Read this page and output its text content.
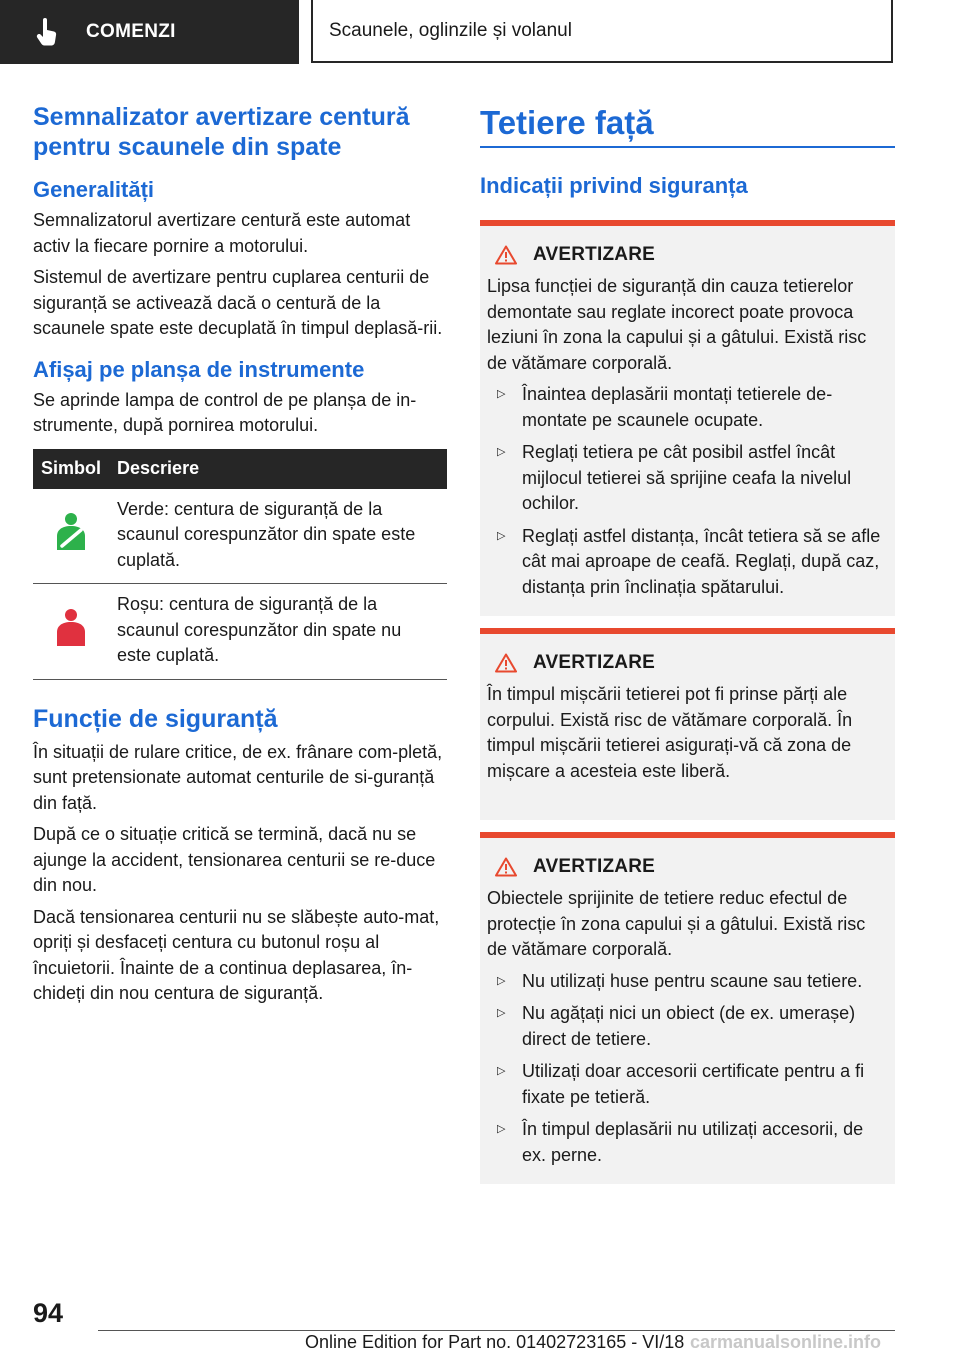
COMENZI	Scaunele, oglinzile și volanul
Semnalizator avertizare centură pentru scaunele din spate
Generalități

Semnalizatorul avertizare centură este automat activ la fiecare pornire a motorului.

Sistemul de avertizare pentru cuplarea centurii de siguranță se activează dacă o centură de la scaunele spate este decuplată în timpul deplasă-rii.

Afișaj pe planșa de instrumente

Se aprinde lampa de control de pe planșa de in-strumente, după pornirea motorului.

Simbol	Descriere
	Verde: centura de siguranță de la scaunul corespunzător din spate este cuplată.
	Roșu: centura de siguranță de la scaunul corespunzător din spate nu este cuplată.
Funcție de siguranță

În situații de rulare critice, de ex. frânare com-pletă, sunt pretensionate automat centurile de si-guranță din față.

După ce o situație critică se termină, dacă nu se ajunge la accident, tensionarea centurii se re-duce din nou.

Dacă tensionarea centurii nu se slăbește auto-mat, opriți și desfaceți centura cu butonul roșu al încuietorii. Înainte de a continua deplasarea, în-chideți din nou centura de siguranță.

Tetiere față
Indicații privind siguranța
AVERTIZARE

Lipsa funcției de siguranță din cauza tetierelor demontate sau reglate incorect poate provoca leziuni în zona la capului și a gâtului. Există risc de vătămare corporală.

▷ Înaintea deplasării montați tetierele de-montate pe scaunele ocupate.
▷ Reglați tetiera pe cât posibil astfel încât mijlocul tetierei să sprijine ceafa la nivelul ochilor.
▷ Reglați astfel distanța, încât tetiera să se afle cât mai aproape de ceafă. Reglați, după caz, distanța prin înclinația spătarului.
AVERTIZARE

În timpul mișcării tetierei pot fi prinse părți ale corpului. Există risc de vătămare corporală. În timpul mișcării tetierei asigurați-vă că zona de mișcare a acesteia este liberă.

AVERTIZARE

Obiectele sprijinite de tetiere reduc efectul de protecție în zona capului și a gâtului. Există risc de vătămare corporală.

▷ Nu utilizați huse pentru scaune sau tetiere.
▷ Nu agățați nici un obiect (de ex. umerașe) direct de tetiere.
▷ Utilizați doar accesorii certificate pentru a fi fixate pe tetieră.
▷ În timpul deplasării nu utilizați accesorii, de ex. perne.
94
Online Edition for Part no. 01402723165 - VI/18 carmanualsonline.info
